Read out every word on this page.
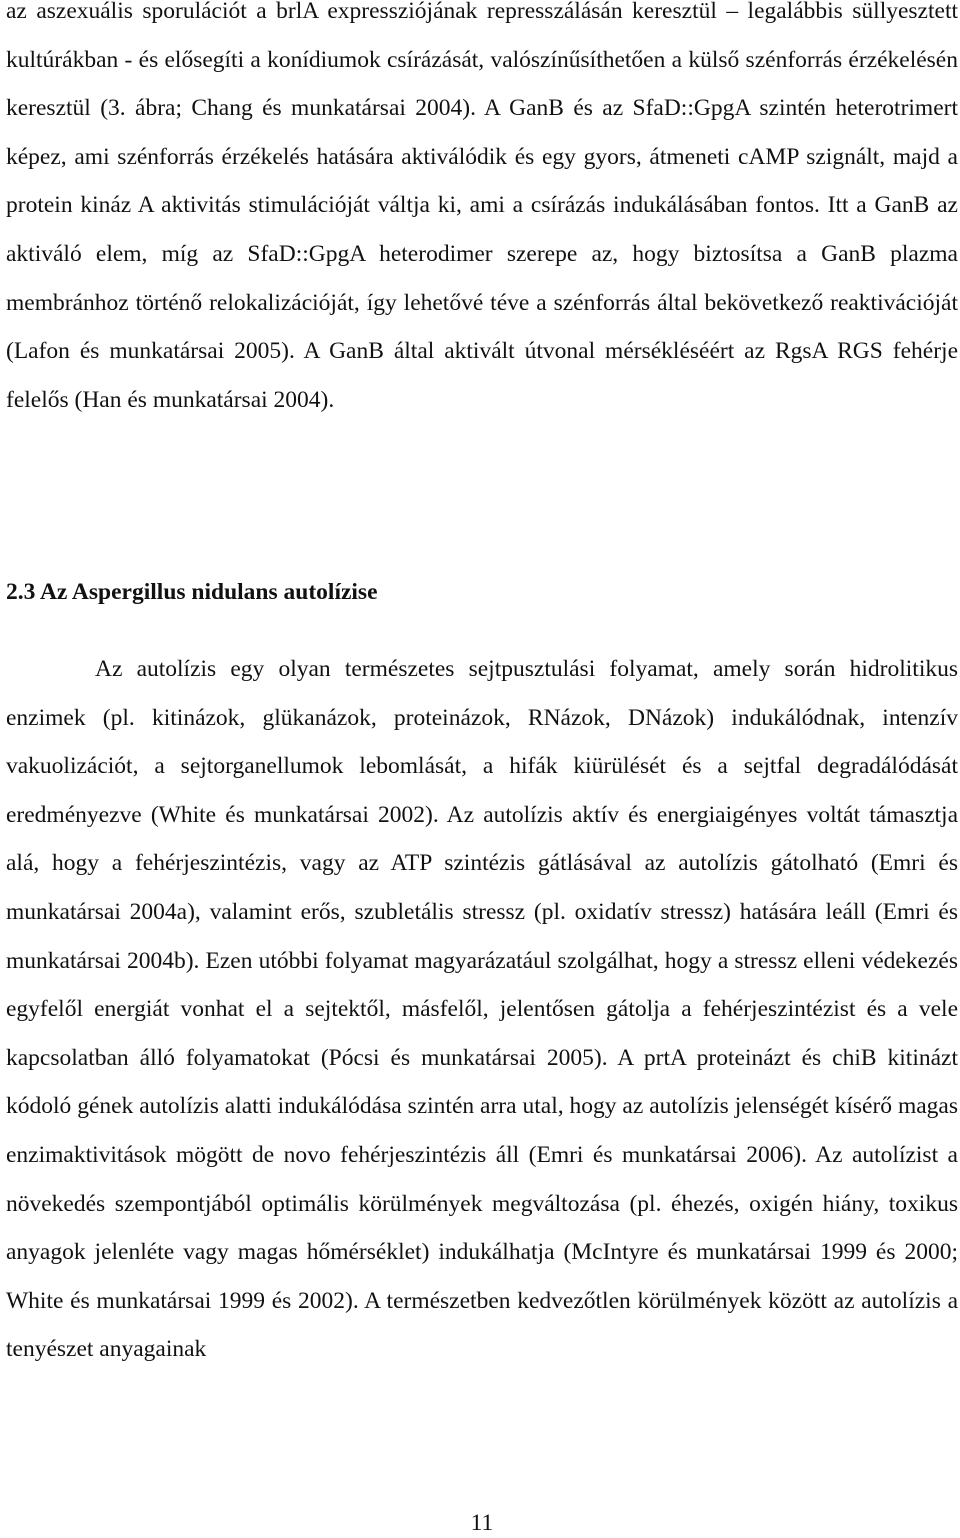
az aszexuális sporulációt a brlA expressziójának represszálásán keresztül – legalábbis süllyesztett kultúrákban - és elősegíti a konídiumok csírázását, valószínűsíthetően a külső szénforrás érzékelésén keresztül (3. ábra; Chang és munkatársai 2004). A GanB és az SfaD::GpgA szintén heterotrimert képez, ami szénforrás érzékelés hatására aktiválódik és egy gyors, átmeneti cAMP szignált, majd a protein kináz A aktivitás stimulációját váltja ki, ami a csírázás indukálásában fontos. Itt a GanB az aktiváló elem, míg az SfaD::GpgA heterodimer szerepe az, hogy biztosítsa a GanB plazma membránhoz történő relokalizációját, így lehetővé téve a szénforrás által bekövetkező reaktivációját (Lafon és munkatársai 2005). A GanB által aktivált útvonal mérsékléséért az RgsA RGS fehérje felelős (Han és munkatársai 2004).

2.3 Az Aspergillus nidulans autolízise

Az autolízis egy olyan természetes sejtpusztulási folyamat, amely során hidrolitikus enzimek (pl. kitinázok, glükanázok, proteinázok, RNázok, DNázok) indukálódnak, intenzív vakuolizációt, a sejtorganellumok lebomlását, a hifák kiürülését és a sejtfal degradálódását eredményezve (White és munkatársai 2002). Az autolízis aktív és energiaigényes voltát támasztja alá, hogy a fehérjeszintézis, vagy az ATP szintézis gátlásával az autolízis gátolható (Emri és munkatársai 2004a), valamint erős, szubletális stressz (pl. oxidatív stressz) hatására leáll (Emri és munkatársai 2004b). Ezen utóbbi folyamat magyarázatául szolgálhat, hogy a stressz elleni védekezés egyfelől energiát vonhat el a sejtektől, másfelől, jelentősen gátolja a fehérjeszintézist és a vele kapcsolatban álló folyamatokat (Pócsi és munkatársai 2005). A prtA proteinázt és chiB kitinázt kódoló gének autolízis alatti indukálódása szintén arra utal, hogy az autolízis jelenségét kísérő magas enzimaktivitások mögött de novo fehérjeszintézis áll (Emri és munkatársai 2006). Az autolízist a növekedés szempontjából optimális körülmények megváltozása (pl. éhezés, oxigén hiány, toxikus anyagok jelenléte vagy magas hőmérséklet) indukálhatja (McIntyre és munkatársai 1999 és 2000; White és munkatársai 1999 és 2002). A természetben kedvezőtlen körülmények között az autolízis a tenyészet anyagainak

11
